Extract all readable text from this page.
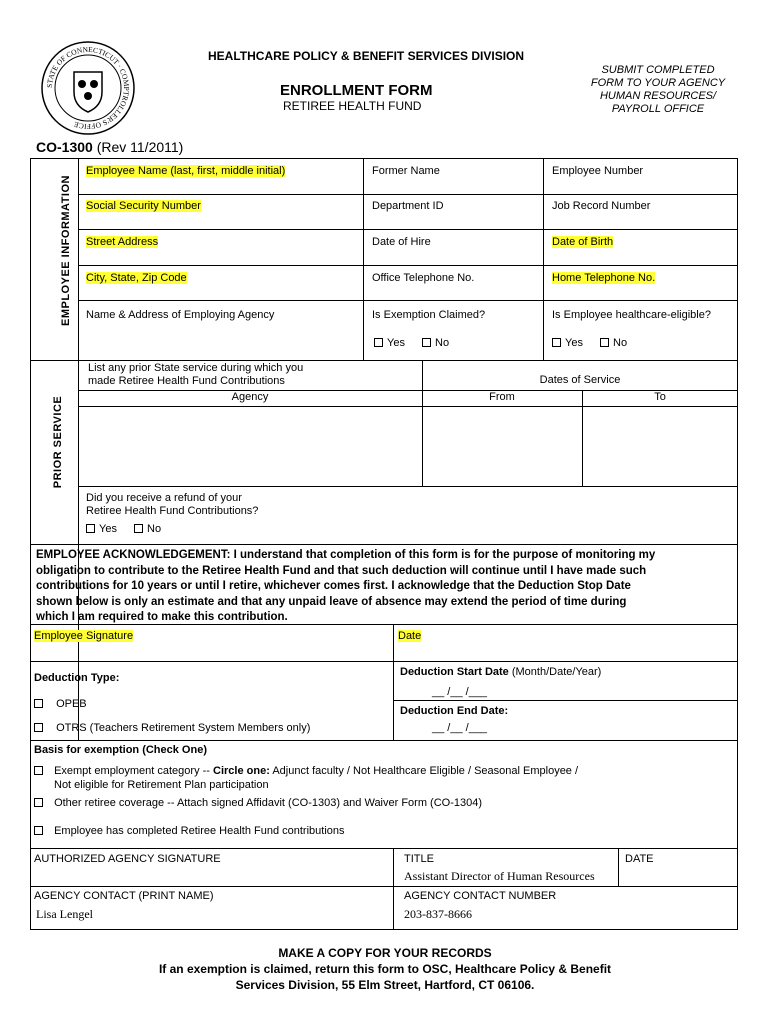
STATE OF CONNECTICUT · COMPTROLLER'S OFFICE
HEALTHCARE POLICY & BENEFIT SERVICES DIVISION
ENROLLMENT FORM
RETIREE HEALTH FUND
SUBMIT COMPLETED
FORM TO YOUR AGENCY
HUMAN RESOURCES/
PAYROLL OFFICE
CO-1300 (Rev 11/2011)
EMPLOYEE INFORMATION
Employee Name (last, first, middle initial)	Former Name	Employee Number
Social Security Number	Department ID	Job Record Number
Street Address	Date of Hire	Date of Birth
City, State, Zip Code	Office Telephone No.	Home Telephone No.
Name & Address of Employing Agency	Is Exemption Claimed?	Is Employee healthcare-eligible?
Yes	No	Yes	No
PRIOR SERVICE
List any prior State service during which you
made Retiree Health Fund Contributions
Agency
Dates of Service
From	To
Did you receive a refund of your
Retiree Health Fund Contributions?
Yes	No
EMPLOYEE ACKNOWLEDGEMENT: I understand that completion of this form is for the purpose of monitoring my
obligation to contribute to the Retiree Health Fund and that such deduction will continue until I have made such
contributions for 10 years or until I retire, whichever comes first. I acknowledge that the Deduction Stop Date
shown below is only an estimate and that any unpaid leave of absence may extend the period of time during
which I am required to make this contribution.
Employee Signature	Date
Deduction Type:
OPEB
OTRS (Teachers Retirement System Members only)
Deduction Start Date (Month/Date/Year)
__ /__ /___
Deduction End Date:
__ /__ /___
Basis for exemption (Check One)
Exempt employment category -- Circle one: Adjunct faculty / Not Healthcare Eligible / Seasonal Employee /
Not eligible for Retirement Plan participation
Other retiree coverage -- Attach signed Affidavit (CO-1303) and Waiver Form (CO-1304)
Employee has completed Retiree Health Fund contributions
AUTHORIZED AGENCY SIGNATURE	TITLE
Assistant Director of Human Resources
DATE
AGENCY CONTACT (PRINT NAME)
Lisa Lengel
AGENCY CONTACT NUMBER
203-837-8666
MAKE A COPY FOR YOUR RECORDS
If an exemption is claimed, return this form to OSC, Healthcare Policy & Benefit
Services Division, 55 Elm Street, Hartford, CT 06106.
